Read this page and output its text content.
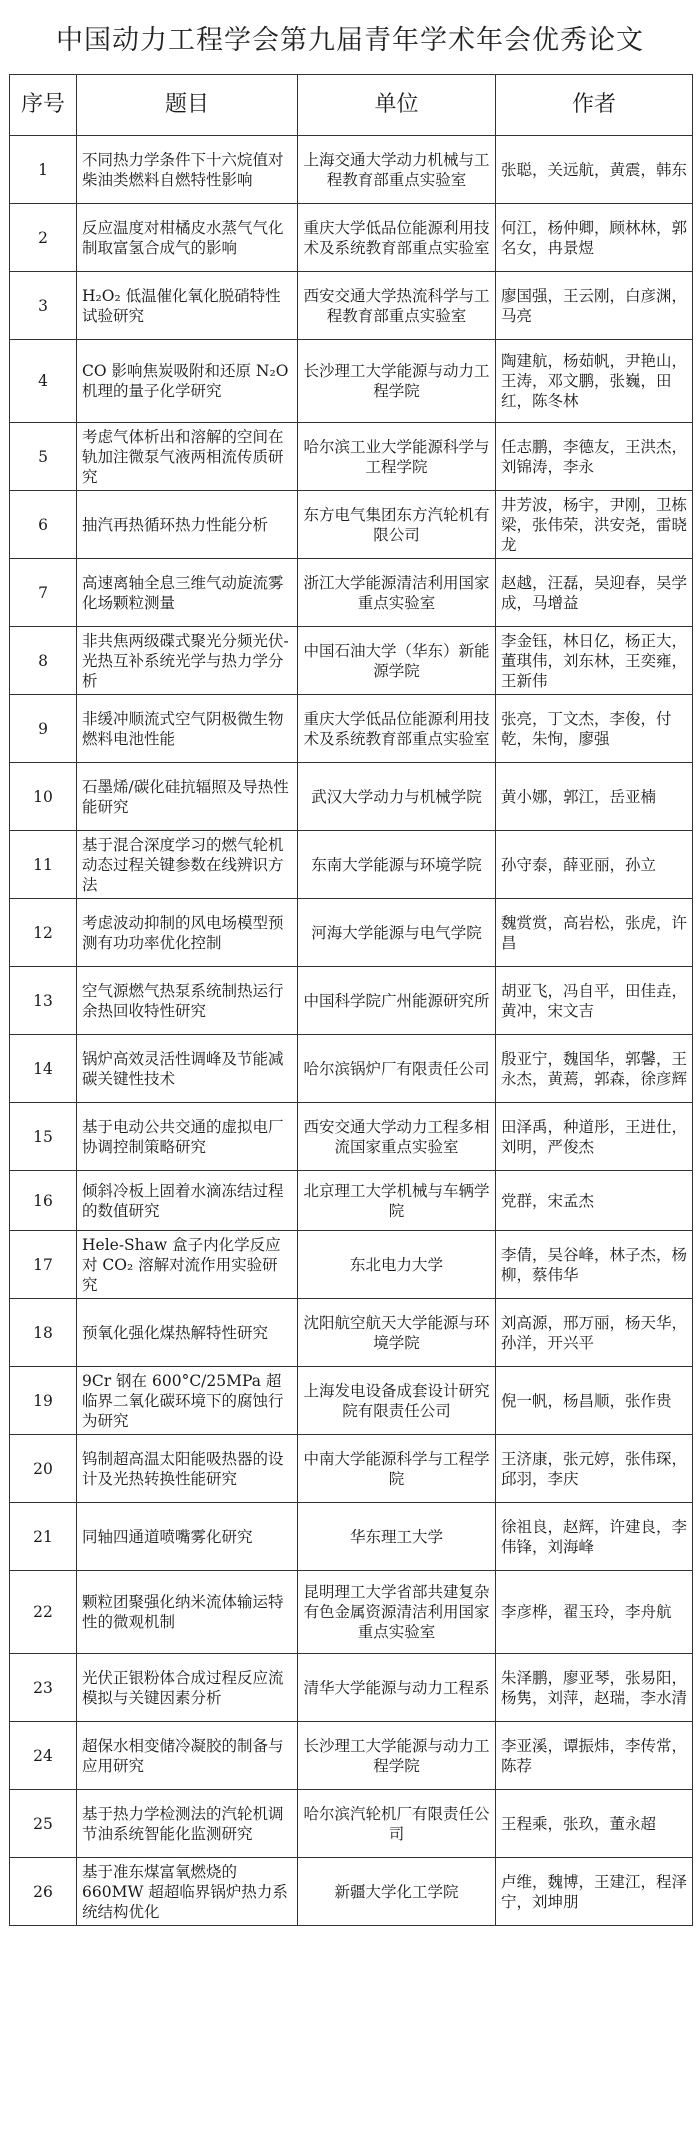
中国动力工程学会第九届青年学术年会优秀论文
序号	题目	单位	作者
1	不同热力学条件下十六烷值对柴油类燃料自燃特性影响	上海交通大学动力机械与工程教育部重点实验室	张聪，关远航，黄震，韩东
2	反应温度对柑橘皮水蒸气气化制取富氢合成气的影响	重庆大学低品位能源利用技术及系统教育部重点实验室	何江，杨仲卿，顾林林，郭名女，冉景煜
3	H₂O₂ 低温催化氧化脱硝特性试验研究	西安交通大学热流科学与工程教育部重点实验室	廖国强，王云刚，白彦渊，马亮
4	CO 影响焦炭吸附和还原 N₂O 机理的量子化学研究	长沙理工大学能源与动力工程学院	陶建航，杨茹帆，尹艳山，王涛，邓文鹏，张巍，田红，陈冬林
5	考虑气体析出和溶解的空间在轨加注微泵气液两相流传质研究	哈尔滨工业大学能源科学与工程学院	任志鹏，李德友，王洪杰，刘锦涛，李永
6	抽汽再热循环热力性能分析	东方电气集团东方汽轮机有限公司	井芳波，杨宇，尹刚，卫栋梁，张伟荣，洪安尧，雷晓龙
7	高速离轴全息三维气动旋流雾化场颗粒测量	浙江大学能源清洁利用国家重点实验室	赵越，汪磊，吴迎春，吴学成，马增益
8	非共焦两级碟式聚光分频光伏-光热互补系统光学与热力学分析	中国石油大学（华东）新能源学院	李金钰，林日亿，杨正大，董琪伟，刘东林，王奕雍，王新伟
9	非缓冲顺流式空气阴极微生物燃料电池性能	重庆大学低品位能源利用技术及系统教育部重点实验室	张亮，丁文杰，李俊，付乾，朱恂，廖强
10	石墨烯/碳化硅抗辐照及导热性能研究	武汉大学动力与机械学院	黄小娜，郭江，岳亚楠
11	基于混合深度学习的燃气轮机动态过程关键参数在线辨识方法	东南大学能源与环境学院	孙守泰，薛亚丽，孙立
12	考虑波动抑制的风电场模型预测有功功率优化控制	河海大学能源与电气学院	魏赏赏，高岩松，张虎，许昌
13	空气源燃气热泵系统制热运行余热回收特性研究	中国科学院广州能源研究所	胡亚飞，冯自平，田佳垚，黄冲，宋文吉
14	锅炉高效灵活性调峰及节能减碳关键性技术	哈尔滨锅炉厂有限责任公司	殷亚宁，魏国华，郭馨，王永杰，黄蔫，郭森，徐彦辉
15	基于电动公共交通的虚拟电厂协调控制策略研究	西安交通大学动力工程多相流国家重点实验室	田泽禹，种道彤，王进仕，刘明，严俊杰
16	倾斜冷板上固着水滴冻结过程的数值研究	北京理工大学机械与车辆学院	党群，宋孟杰
17	Hele-Shaw 盒子内化学反应对 CO₂ 溶解对流作用实验研究	东北电力大学	李倩，吴谷峰，林子杰，杨柳，蔡伟华
18	预氧化强化煤热解特性研究	沈阳航空航天大学能源与环境学院	刘高源，邢万丽，杨天华，孙洋，开兴平
19	9Cr 钢在 600°C/25MPa 超临界二氧化碳环境下的腐蚀行为研究	上海发电设备成套设计研究院有限责任公司	倪一帆，杨昌顺，张作贵
20	钨制超高温太阳能吸热器的设计及光热转换性能研究	中南大学能源科学与工程学院	王济康，张元婷，张伟琛，邱羽，李庆
21	同轴四通道喷嘴雾化研究	华东理工大学	徐祖良，赵辉，许建良，李伟锋，刘海峰
22	颗粒团聚强化纳米流体输运特性的微观机制	昆明理工大学省部共建复杂有色金属资源清洁利用国家重点实验室	李彦桦，翟玉玲，李舟航
23	光伏正银粉体合成过程反应流模拟与关键因素分析	清华大学能源与动力工程系	朱泽鹏，廖亚琴，张易阳，杨隽，刘萍，赵瑞，李水清
24	超保水相变储冷凝胶的制备与应用研究	长沙理工大学能源与动力工程学院	李亚溪，谭振炜，李传常，陈荐
25	基于热力学检测法的汽轮机调节油系统智能化监测研究	哈尔滨汽轮机厂有限责任公司	王程乘，张玖，董永超
26	基于准东煤富氧燃烧的 660MW 超超临界锅炉热力系统结构优化	新疆大学化工学院	卢维，魏博，王建江，程泽宁，刘坤朋
